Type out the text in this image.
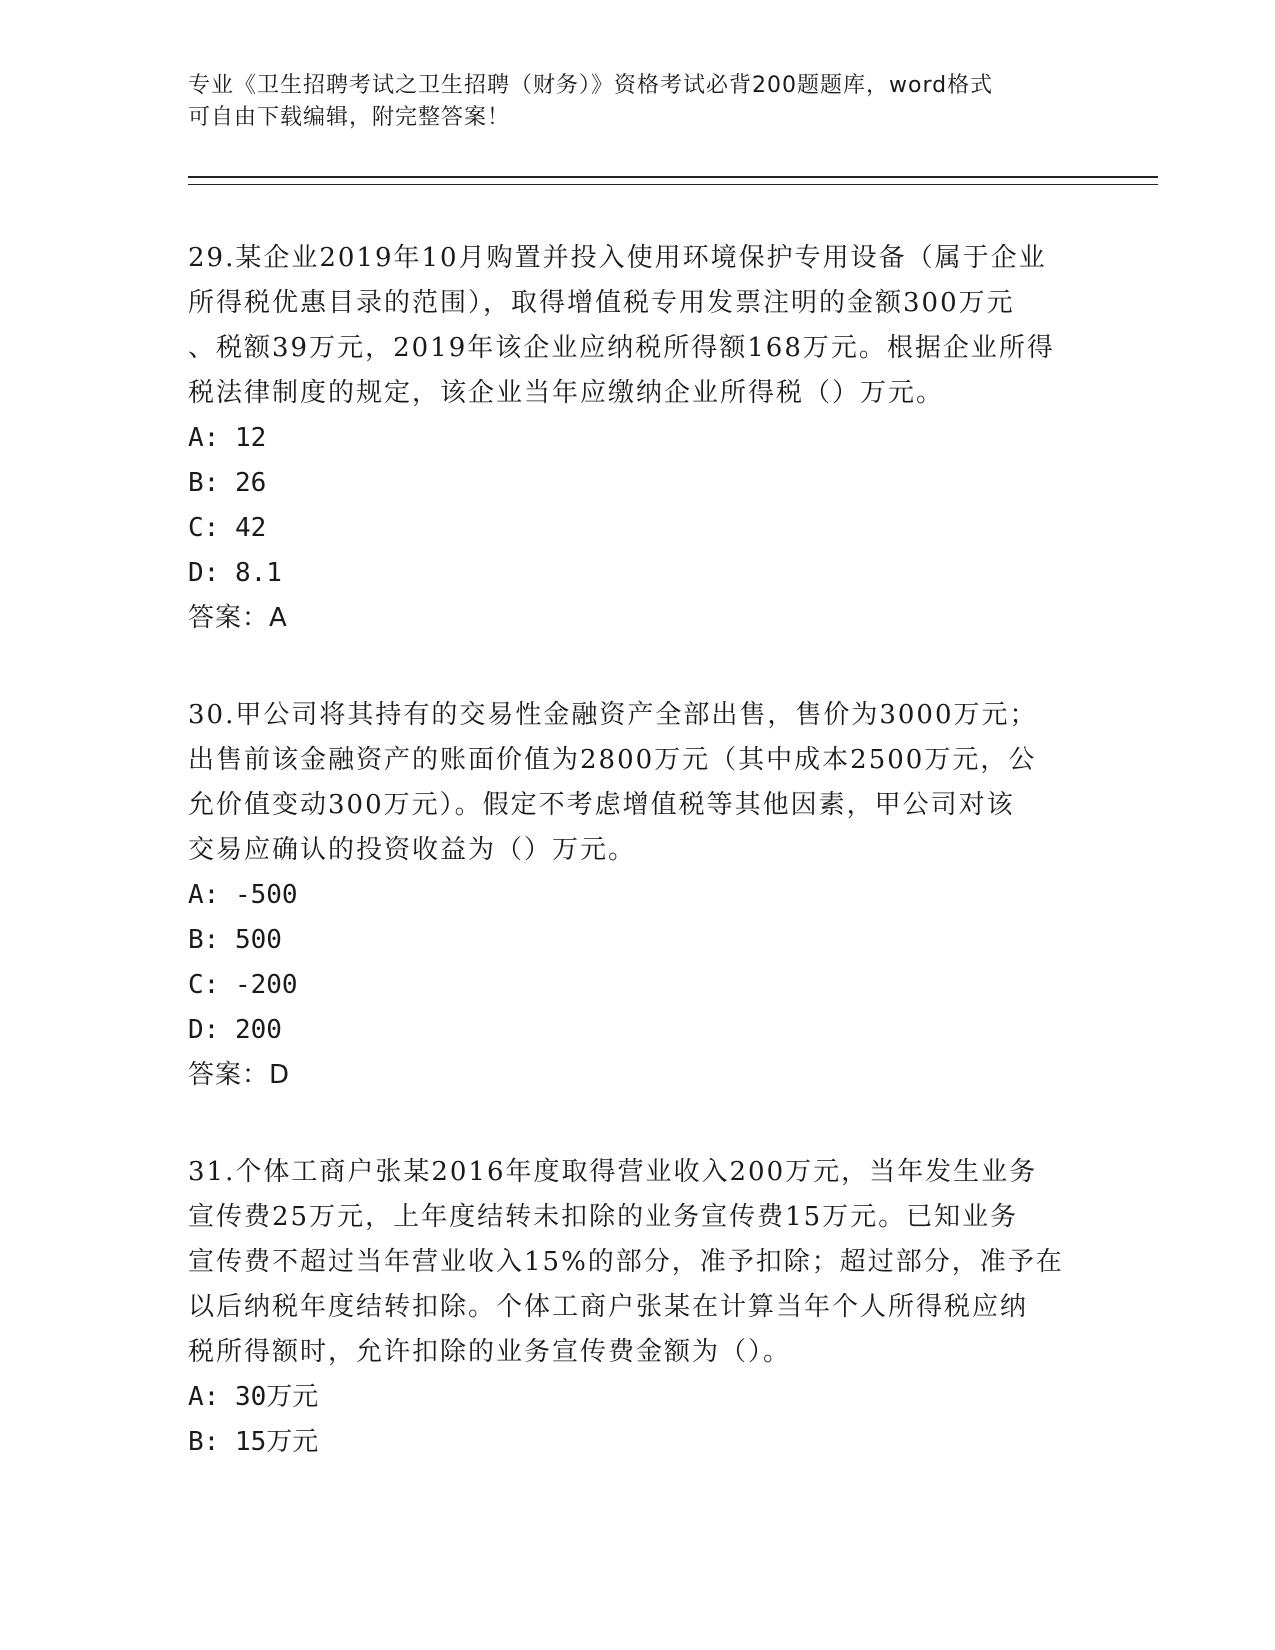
专业《卫生招聘考试之卫生招聘（财务）》资格考试必背200题题库，word格式
可自由下载编辑，附完整答案！
29.某企业2019年10月购置并投入使用环境保护专用设备（属于企业
所得税优惠目录的范围），取得增值税专用发票注明的金额300万元
、税额39万元，2019年该企业应纳税所得额168万元。根据企业所得
税法律制度的规定，该企业当年应缴纳企业所得税（）万元。
A: 12
B: 26
C: 42
D: 8.1
答案：A
30.甲公司将其持有的交易性金融资产全部出售，售价为3000万元；
出售前该金融资产的账面价值为2800万元（其中成本2500万元，公
允价值变动300万元）。假定不考虑增值税等其他因素，甲公司对该
交易应确认的投资收益为（）万元。
A: -500
B: 500
C: -200
D: 200
答案：D
31.个体工商户张某2016年度取得营业收入200万元，当年发生业务
宣传费25万元，上年度结转未扣除的业务宣传费15万元。已知业务
宣传费不超过当年营业收入15%的部分，准予扣除；超过部分，准予在
以后纳税年度结转扣除。个体工商户张某在计算当年个人所得税应纳
税所得额时，允许扣除的业务宣传费金额为（）。
A: 30万元
B: 15万元
